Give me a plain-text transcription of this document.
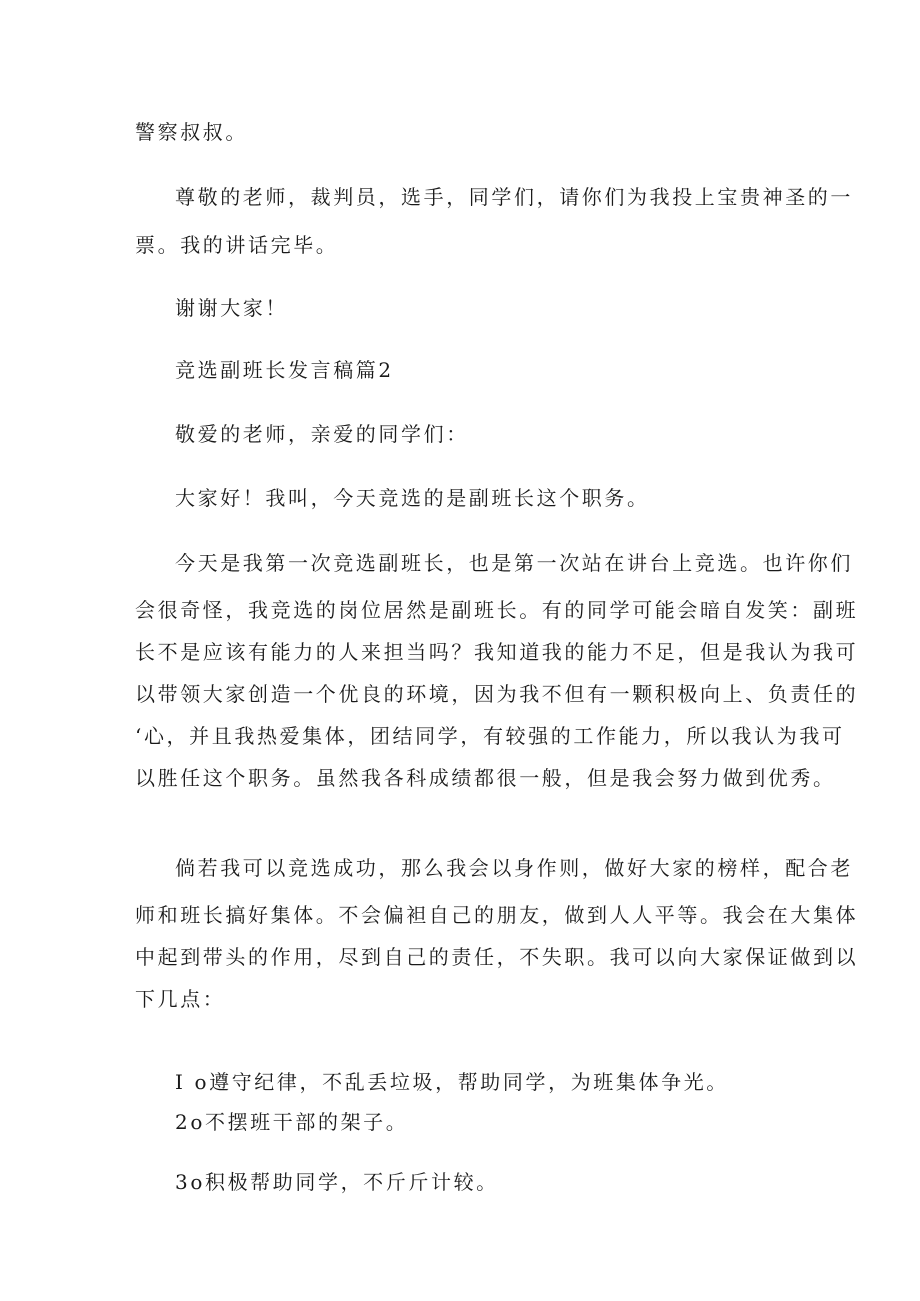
警察叔叔。
尊敬的老师，裁判员，选手，同学们，请你们为我投上宝贵神圣的一
票。我的讲话完毕。
谢谢大家！
竞选副班长发言稿篇2
敬爱的老师，亲爱的同学们：
大家好！我叫，今天竞选的是副班长这个职务。
今天是我第一次竞选副班长，也是第一次站在讲台上竞选。也许你们
会很奇怪，我竞选的岗位居然是副班长。有的同学可能会暗自发笑：副班
长不是应该有能力的人来担当吗？我知道我的能力不足，但是我认为我可
以带领大家创造一个优良的环境，因为我不但有一颗积极向上、负责任的
‘心，并且我热爱集体，团结同学，有较强的工作能力，所以我认为我可
以胜任这个职务。虽然我各科成绩都很一般，但是我会努力做到优秀。
倘若我可以竞选成功，那么我会以身作则，做好大家的榜样，配合老
师和班长搞好集体。不会偏袒自己的朋友，做到人人平等。我会在大集体
中起到带头的作用，尽到自己的责任，不失职。我可以向大家保证做到以
下几点：
I o遵守纪律，不乱丢垃圾，帮助同学，为班集体争光。
2o不摆班干部的架子。
3o积极帮助同学，不斤斤计较。
